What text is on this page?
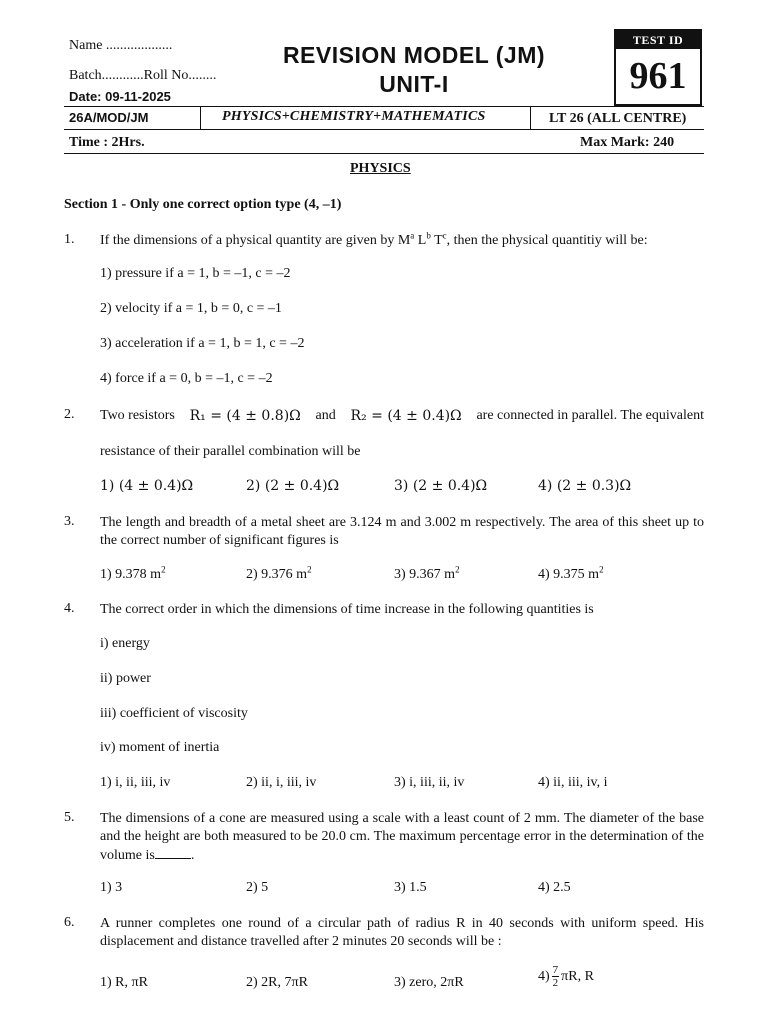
Name ...................
Batch............Roll No........
Date: 09-11-2025
REVISION MODEL (JM)
UNIT-I
TEST ID
961
26A/MOD/JM	PHYSICS+CHEMISTRY+MATHEMATICS	LT 26 (ALL CENTRE)
Time : 2Hrs.	Max Mark: 240
PHYSICS
Section 1 - Only one correct option type (4, –1)
1. If the dimensions of a physical quantity are given by $M^a$ $L^b$ $T^c$, then the physical quantitiy will be:
1) pressure if a = 1, b = –1, c = –2
2) velocity if a = 1, b = 0, c = –1
3) acceleration if a = 1, b = 1, c = –2
4) force if a = 0, b = –1, c = –2
2. Two resistors R₁ = (4 ± 0.8)Ω and R₂ = (4 ± 0.4)Ω are connected in parallel. The equivalent
resistance of their parallel combination will be
1) (4 ± 0.4)Ω	2) (2 ± 0.4)Ω	3) (2 ± 0.4)Ω	4) (2 ± 0.3)Ω
3. The length and breadth of a metal sheet are 3.124 m and 3.002 m respectively. The area of this sheet up to the correct number of significant figures is
1) 9.378 $m^2$	2) 9.376 $m^2$	3) 9.367 $m^2$	4) 9.375 $m^2$
4. The correct order in which the dimensions of time increase in the following quantities is
i) energy
ii) power
iii) coefficient of viscosity
iv) moment of inertia
1) i, ii, iii, iv	2) ii, i, iii, iv	3) i, iii, ii, iv	4) ii, iii, iv, i
5. The dimensions of a cone are measured using a scale with a least count of 2 mm. The diameter of the base and the height are both measured to be 20.0 cm. The maximum percentage error in the determination of the volume is	.
1) 3	2) 5	3) 1.5	4) 2.5
6. A runner completes one round of a circular path of radius R in 40 seconds with uniform speed. His displacement and distance travelled after 2 minutes 20 seconds will be :
1) R, πR	2) 2R, 7πR	3) zero, 2πR	$4) \frac{7}{2} \pi R$, R
